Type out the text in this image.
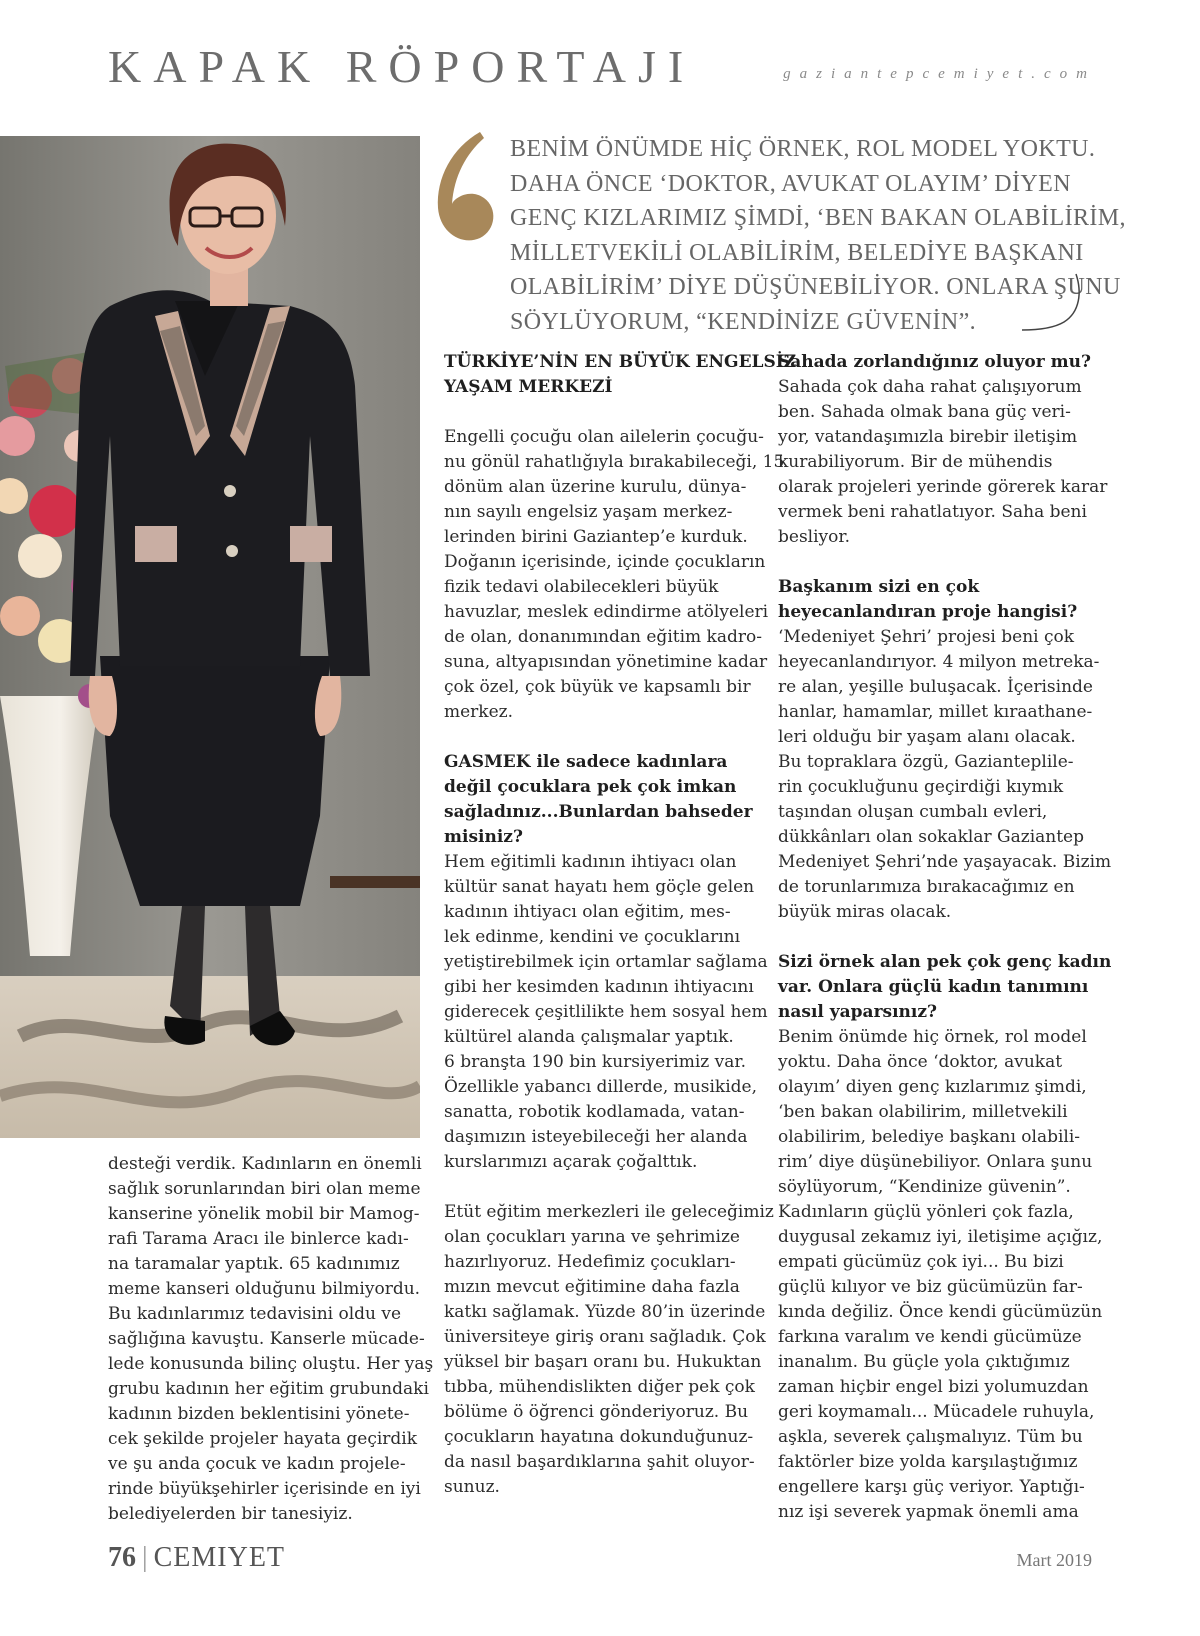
KAPAK RÖPORTAJI	gaziantepcemiyet.com
BENİM ÖNÜMDE HİÇ ÖRNEK, ROL MODEL YOKTU.
DAHA ÖNCE ‘DOKTOR, AVUKAT OLAYIM’ DİYEN
GENÇ KIZLARIMIZ ŞİMDİ, ‘BEN BAKAN OLABİLİRİM,
MİLLETVEKİLİ OLABİLİRİM, BELEDİYE BAŞKANI
OLABİLİRİM’ DİYE DÜŞÜNEBİLİYOR. ONLARA ŞUNU
SÖYLÜYORUM, “KENDİNİZE GÜVENİN”.

desteği verdik. Kadınların en önemli
sağlık sorunlarından biri olan meme
kanserine yönelik mobil bir Mamog-
rafi Tarama Aracı ile binlerce kadı-
na taramalar yaptık. 65 kadınımız
meme kanseri olduğunu bilmiyordu.
Bu kadınlarımız tedavisini oldu ve
sağlığına kavuştu. Kanserle mücade-
lede konusunda bilinç oluştu. Her yaş
grubu kadının her eğitim grubundaki
kadının bizden beklentisini yönete-
cek şekilde projeler hayata geçirdik
ve şu anda çocuk ve kadın projele-
rinde büyükşehirler içerisinde en iyi
belediyelerden bir tanesiyiz.

TÜRKİYE’NİN EN BÜYÜK ENGELSİZ
YAŞAM MERKEZİ

Engelli çocuğu olan ailelerin çocuğu-
nu gönül rahatlığıyla bırakabileceği, 15
dönüm alan üzerine kurulu, dünya-
nın sayılı engelsiz yaşam merkez-
lerinden birini Gaziantep’e kurduk.
Doğanın içerisinde, içinde çocukların
fizik tedavi olabilecekleri büyük
havuzlar, meslek edindirme atölyeleri
de olan, donanımından eğitim kadro-
suna, altyapısından yönetimine kadar
çok özel, çok büyük ve kapsamlı bir
merkez.

GASMEK ile sadece kadınlara
değil çocuklara pek çok imkan
sağladınız...Bunlardan bahseder
misiniz?

Hem eğitimli kadının ihtiyacı olan
kültür sanat hayatı hem göçle gelen
kadının ihtiyacı olan eğitim, mes-
lek edinme, kendini ve çocuklarını
yetiştirebilmek için ortamlar sağlama
gibi her kesimden kadının ihtiyacını
giderecek çeşitlilikte hem sosyal hem
kültürel alanda çalışmalar yaptık.
6 branşta 190 bin kursiyerimiz var.
Özellikle yabancı dillerde, musikide,
sanatta, robotik kodlamada, vatan-
daşımızın isteyebileceği her alanda
kurslarımızı açarak çoğalttık.

Etüt eğitim merkezleri ile geleceğimiz
olan çocukları yarına ve şehrimize
hazırlıyoruz. Hedefimiz çocukları-
mızın mevcut eğitimine daha fazla
katkı sağlamak. Yüzde 80’in üzerinde
üniversiteye giriş oranı sağladık. Çok
yüksel bir başarı oranı bu. Hukuktan
tıbba, mühendislikten diğer pek çok
bölüme ö öğrenci gönderiyoruz. Bu
çocukların hayatına dokunduğunuz-
da nasıl başardıklarına şahit oluyor-
sunuz.

Sahada zorlandığınız oluyor mu?

Sahada çok daha rahat çalışıyorum
ben. Sahada olmak bana güç veri-
yor, vatandaşımızla birebir iletişim
kurabiliyorum. Bir de mühendis
olarak projeleri yerinde görerek karar
vermek beni rahatlatıyor. Saha beni
besliyor.

Başkanım sizi en çok
heyecanlandıran proje hangisi?

‘Medeniyet Şehri’ projesi beni çok
heyecanlandırıyor. 4 milyon metreka-
re alan, yeşille buluşacak. İçerisinde
hanlar, hamamlar, millet kıraathane-
leri olduğu bir yaşam alanı olacak.
Bu topraklara özgü, Gazianteplile-
rin çocukluğunu geçirdiği kıymık
taşından oluşan cumbalı evleri,
dükkânları olan sokaklar Gaziantep
Medeniyet Şehri’nde yaşayacak. Bizim
de torunlarımıza bırakacağımız en
büyük miras olacak.

Sizi örnek alan pek çok genç kadın
var. Onlara güçlü kadın tanımını
nasıl yaparsınız?

Benim önümde hiç örnek, rol model
yoktu. Daha önce ‘doktor, avukat
olayım’ diyen genç kızlarımız şimdi,
‘ben bakan olabilirim, milletvekili
olabilirim, belediye başkanı olabili-
rim’ diye düşünebiliyor. Onlara şunu
söylüyorum, “Kendinize güvenin”.
Kadınların güçlü yönleri çok fazla,
duygusal zekamız iyi, iletişime açığız,
empati gücümüz çok iyi... Bu bizi
güçlü kılıyor ve biz gücümüzün far-
kında değiliz. Önce kendi gücümüzün
farkına varalım ve kendi gücümüze
inanalım. Bu güçle yola çıktığımız
zaman hiçbir engel bizi yolumuzdan
geri koymamalı... Mücadele ruhuyla,
aşkla, severek çalışmalıyız. Tüm bu
faktörler bize yolda karşılaştığımız
engellere karşı güç veriyor. Yaptığı-
nız işi severek yapmak önemli ama

76 | CEMIYET	Mart 2019
